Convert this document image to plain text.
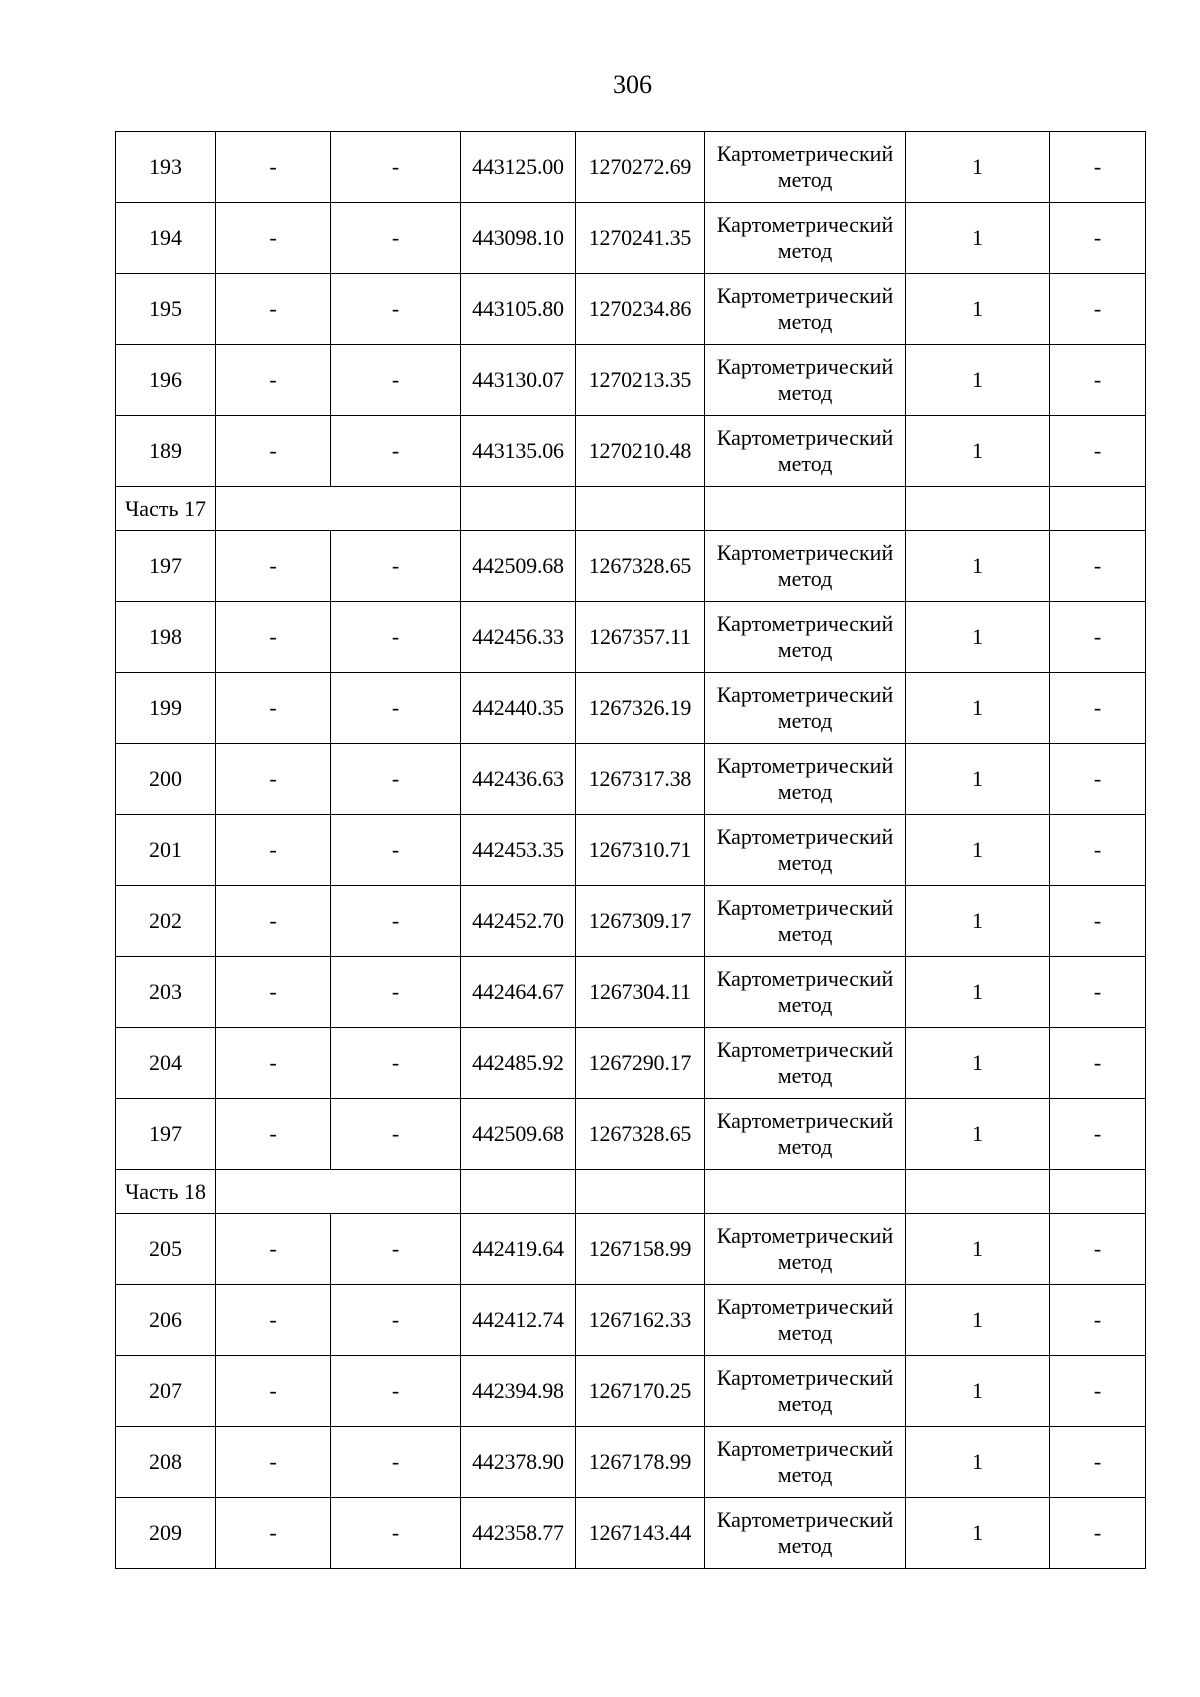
306
193	-	-	443125.00	1270272.69	Картометрический метод	1	-
194	-	-	443098.10	1270241.35	Картометрический метод	1	-
195	-	-	443105.80	1270234.86	Картометрический метод	1	-
196	-	-	443130.07	1270213.35	Картометрический метод	1	-
189	-	-	443135.06	1270210.48	Картометрический метод	1	-
Часть 17							
197	-	-	442509.68	1267328.65	Картометрический метод	1	-
198	-	-	442456.33	1267357.11	Картометрический метод	1	-
199	-	-	442440.35	1267326.19	Картометрический метод	1	-
200	-	-	442436.63	1267317.38	Картометрический метод	1	-
201	-	-	442453.35	1267310.71	Картометрический метод	1	-
202	-	-	442452.70	1267309.17	Картометрический метод	1	-
203	-	-	442464.67	1267304.11	Картометрический метод	1	-
204	-	-	442485.92	1267290.17	Картометрический метод	1	-
197	-	-	442509.68	1267328.65	Картометрический метод	1	-
Часть 18							
205	-	-	442419.64	1267158.99	Картометрический метод	1	-
206	-	-	442412.74	1267162.33	Картометрический метод	1	-
207	-	-	442394.98	1267170.25	Картометрический метод	1	-
208	-	-	442378.90	1267178.99	Картометрический метод	1	-
209	-	-	442358.77	1267143.44	Картометрический метод	1	-
